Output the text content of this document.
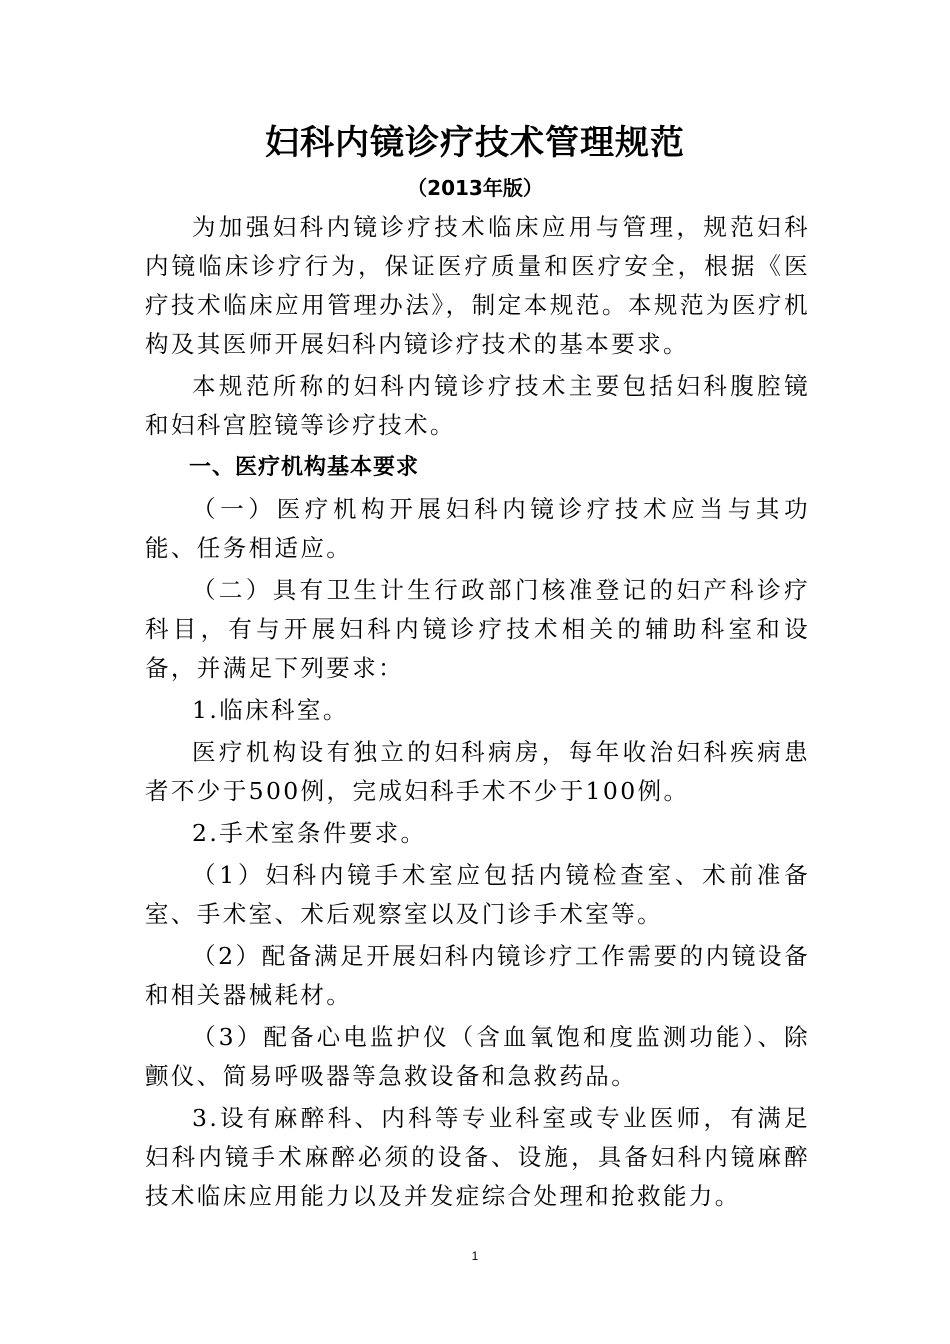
妇科内镜诊疗技术管理规范
（2013年版）

为加强妇科内镜诊疗技术临床应用与管理，规范妇科内镜临床诊疗行为，保证医疗质量和医疗安全，根据《医疗技术临床应用管理办法》，制定本规范。本规范为医疗机构及其医师开展妇科内镜诊疗技术的基本要求。

本规范所称的妇科内镜诊疗技术主要包括妇科腹腔镜和妇科宫腔镜等诊疗技术。

一、医疗机构基本要求

（一）医疗机构开展妇科内镜诊疗技术应当与其功能、任务相适应。

（二）具有卫生计生行政部门核准登记的妇产科诊疗科目，有与开展妇科内镜诊疗技术相关的辅助科室和设备，并满足下列要求：

1.临床科室。

医疗机构设有独立的妇科病房，每年收治妇科疾病患者不少于500例，完成妇科手术不少于100例。

2.手术室条件要求。

（1）妇科内镜手术室应包括内镜检查室、术前准备室、手术室、术后观察室以及门诊手术室等。

（2）配备满足开展妇科内镜诊疗工作需要的内镜设备和相关器械耗材。

（3）配备心电监护仪（含血氧饱和度监测功能）、除颤仪、简易呼吸器等急救设备和急救药品。

3.设有麻醉科、内科等专业科室或专业医师，有满足妇科内镜手术麻醉必须的设备、设施，具备妇科内镜麻醉技术临床应用能力以及并发症综合处理和抢救能力。

1
